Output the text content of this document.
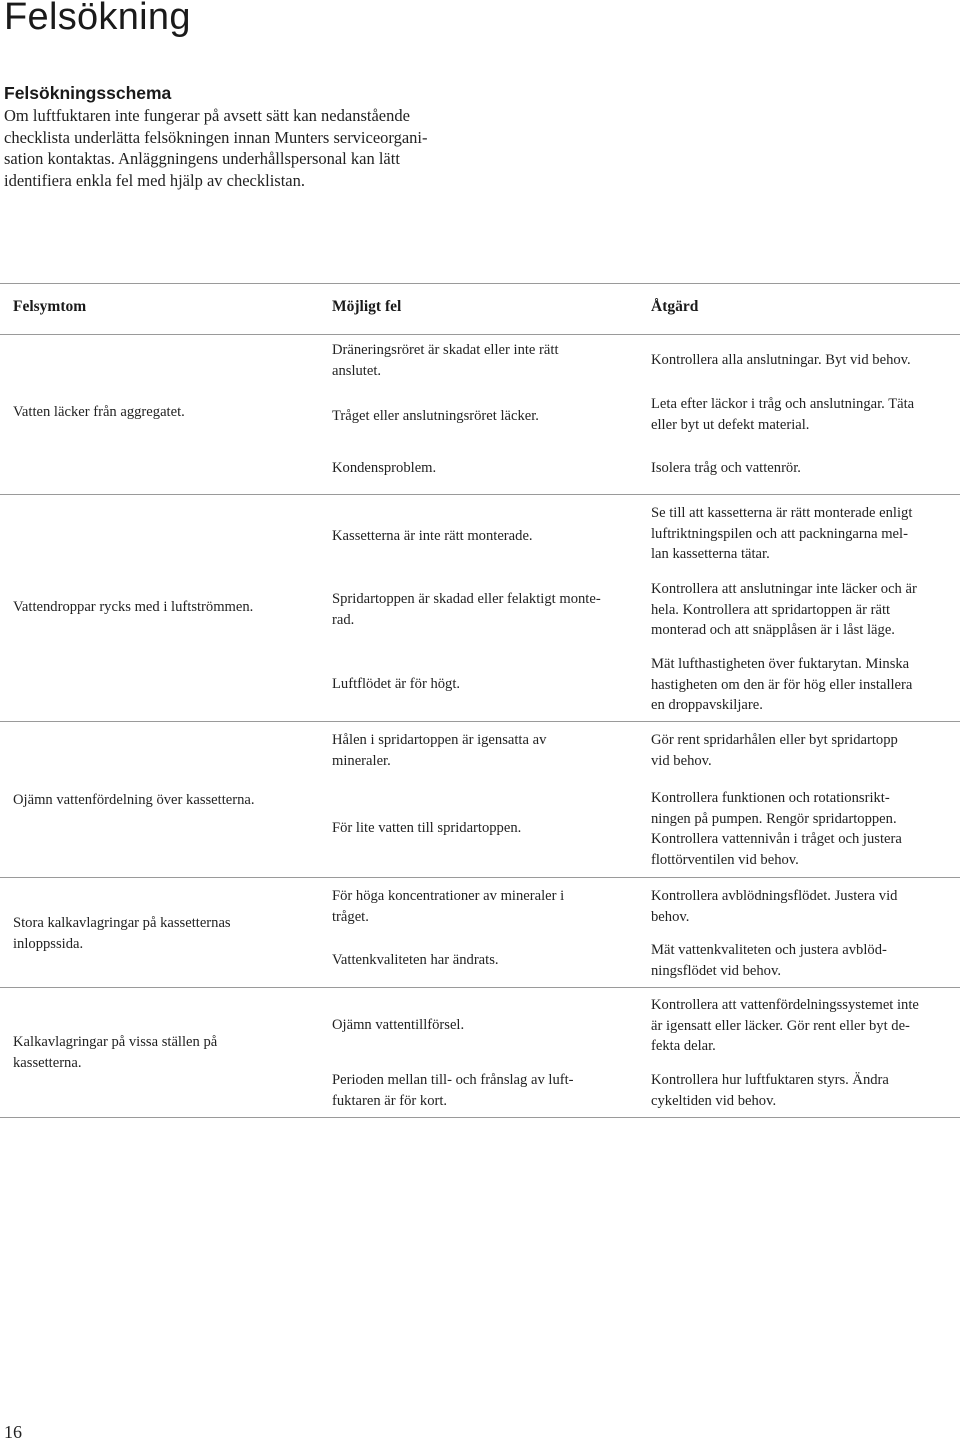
Felsökning
Felsökningsschema
Om luftfuktaren inte fungerar på avsett sätt kan nedanstående
checklista underlätta felsökningen innan Munters serviceorgani-
sation kontaktas. Anläggningens underhållspersonal kan lätt
identifiera enkla fel med hjälp av checklistan.
Felsymtom	Möjligt fel	Åtgärd
Vatten läcker från aggregatet.
Dräneringsröret är skadat eller inte rätt
anslutet.
Tråget eller anslutningsröret läcker.
Kondensproblem.
Kontrollera alla anslutningar. Byt vid behov.
Leta efter läckor i tråg och anslutningar. Täta
eller byt ut defekt material.
Isolera tråg och vattenrör.
Vattendroppar rycks med i luftströmmen.
Kassetterna är inte rätt monterade.
Spridartoppen är skadad eller felaktigt monte-
rad.
Luftflödet är för högt.
Se till att kassetterna är rätt monterade enligt
luftriktningspilen och att packningarna mel-
lan kassetterna tätar.
Kontrollera att anslutningar inte läcker och är
hela. Kontrollera att spridartoppen är rätt
monterad och att snäpplåsen är i låst läge.
Mät lufthastigheten över fuktarytan. Minska
hastigheten om den är för hög eller installera
en droppavskiljare.
Ojämn vattenfördelning över kassetterna.
Hålen i spridartoppen är igensatta av
mineraler.
För lite vatten till spridartoppen.
Gör rent spridarhålen eller byt spridartopp
vid behov.
Kontrollera funktionen och rotationsrikt-
ningen på pumpen. Rengör spridartoppen.
Kontrollera vattennivån i tråget och justera
flottörventilen vid behov.
Stora kalkavlagringar på kassetternas
inloppssida.
För höga koncentrationer av mineraler i
tråget.
Vattenkvaliteten har ändrats.
Kontrollera avblödningsflödet. Justera vid
behov.
Mät vattenkvaliteten och justera avblöd-
ningsflödet vid behov.
Kalkavlagringar på vissa ställen på
kassetterna.
Ojämn vattentillförsel.
Perioden mellan till- och frånslag av luft-
fuktaren är för kort.
Kontrollera att vattenfördelningssystemet inte
är igensatt eller läcker. Gör rent eller byt de-
fekta delar.
Kontrollera hur luftfuktaren styrs. Ändra
cykeltiden vid behov.
16
